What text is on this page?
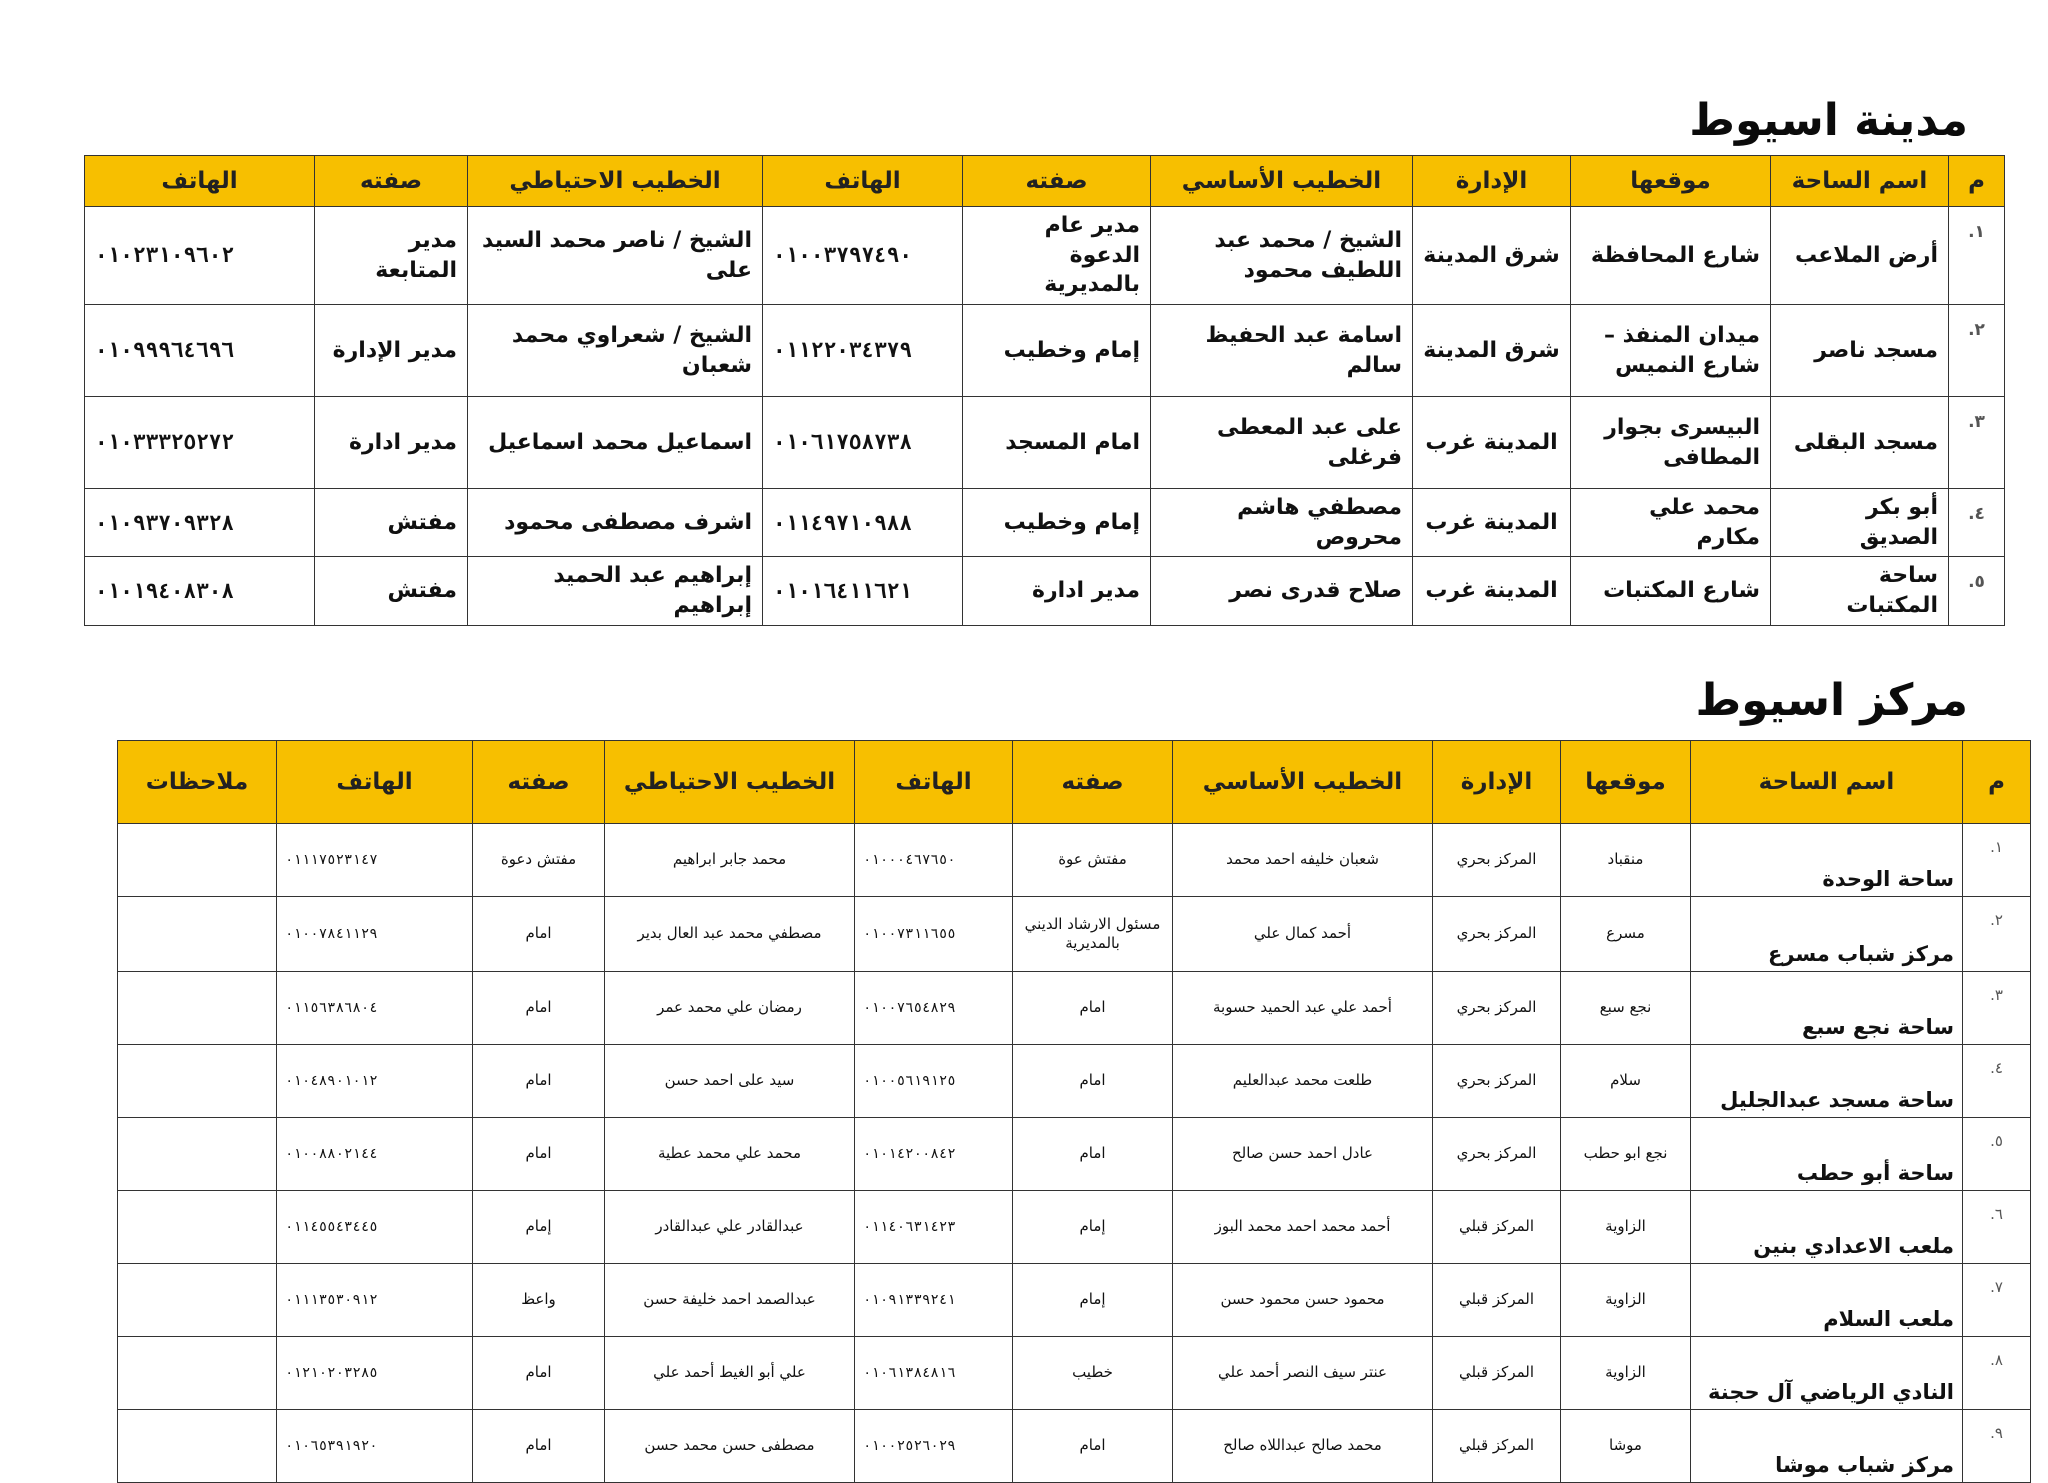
مدينة اسيوط
م	اسم الساحة	موقعها	الإدارة	الخطيب الأساسي	صفته	الهاتف	الخطيب الاحتياطي	صفته	الهاتف
١.	أرض الملاعب	شارع المحافظة	شرق المدينة	الشيخ / محمد عبد اللطيف محمود	مدير عام الدعوة بالمديرية	٠١٠٠٣٧٩٧٤٩٠	الشيخ / ناصر محمد السيد على	مدير المتابعة	٠١٠٢٣١٠٩٦٠٢
٢.	مسجد ناصر	ميدان المنفذ – شارع النميس	شرق المدينة	اسامة عبد الحفيظ سالم	إمام وخطيب	٠١١٢٢٠٣٤٣٧٩	الشيخ / شعراوي محمد شعبان	مدير الإدارة	٠١٠٩٩٩٦٤٦٩٦
٣.	مسجد البقلى	البيسرى بجوار المطافى	المدينة غرب	على عبد المعطى فرغلى	امام المسجد	٠١٠٦١٧٥٨٧٣٨	اسماعيل محمد اسماعيل	مدير ادارة	٠١٠٣٣٣٢٥٢٧٢
٤.	أبو بكر الصديق	محمد علي مكارم	المدينة غرب	مصطفي هاشم محروص	إمام وخطيب	٠١١٤٩٧١٠٩٨٨	اشرف مصطفى محمود	مفتش	٠١٠٩٣٧٠٩٣٢٨
٥.	ساحة المكتبات	شارع المكتبات	المدينة غرب	صلاح قدرى نصر	مدير ادارة	٠١٠١٦٤١١٦٢١	إبراهيم عبد الحميد إبراهيم	مفتش	٠١٠١٩٤٠٨٣٠٨
مركز اسيوط
م	اسم الساحة	موقعها	الإدارة	الخطيب الأساسي	صفته	الهاتف	الخطيب الاحتياطي	صفته	الهاتف	ملاحظات
١.	ساحة الوحدة	منقباد	المركز بحري	شعبان خليفه احمد محمد	مفتش عوة	٠١٠٠٠٤٦٧٦٥٠	محمد جابر ابراهيم	مفتش دعوة	٠١١١٧٥٢٣١٤٧	
٢.	مركز شباب مسرع	مسرع	المركز بحري	أحمد كمال علي	مسئول الارشاد الديني بالمديرية	٠١٠٠٧٣١١٦٥٥	مصطفي محمد عبد العال بدير	امام	٠١٠٠٧٨٤١١٢٩	
٣.	ساحة نجع سبع	نجع سبع	المركز بحري	أحمد علي عبد الحميد حسوبة	امام	٠١٠٠٧٦٥٤٨٢٩	رمضان علي محمد عمر	امام	٠١١٥٦٣٨٦٨٠٤	
٤.	ساحة مسجد عبدالجليل	سلام	المركز بحري	طلعت محمد عبدالعليم	امام	٠١٠٠٥٦١٩١٢٥	سيد على احمد حسن	امام	٠١٠٤٨٩٠١٠١٢	
٥.	ساحة أبو حطب	نجع ابو حطب	المركز بحري	عادل احمد حسن صالح	امام	٠١٠١٤٢٠٠٨٤٢	محمد علي محمد عطية	امام	٠١٠٠٨٨٠٢١٤٤	
٦.	ملعب الاعدادي بنين	الزاوية	المركز قبلي	أحمد محمد احمد محمد البوز	إمام	٠١١٤٠٦٣١٤٢٣	عبدالقادر علي عبدالقادر	إمام	٠١١٤٥٥٤٣٤٤٥	
٧.	ملعب السلام	الزاوية	المركز قبلي	محمود حسن محمود حسن	إمام	٠١٠٩١٣٣٩٢٤١	عبدالصمد احمد خليفة حسن	واعظ	٠١١١٣٥٣٠٩١٢	
٨.	النادي الرياضي آل حجنة	الزاوية	المركز قبلي	عنتر سيف النصر أحمد علي	خطيب	٠١٠٦١٣٨٤٨١٦	علي أبو الغيط أحمد علي	امام	٠١٢١٠٢٠٣٢٨٥	
٩.	مركز شباب موشا	موشا	المركز قبلي	محمد صالح عبداللاه صالح	امام	٠١٠٠٢٥٢٦٠٢٩	مصطفى حسن محمد حسن	امام	٠١٠٦٥٣٩١٩٢٠	
